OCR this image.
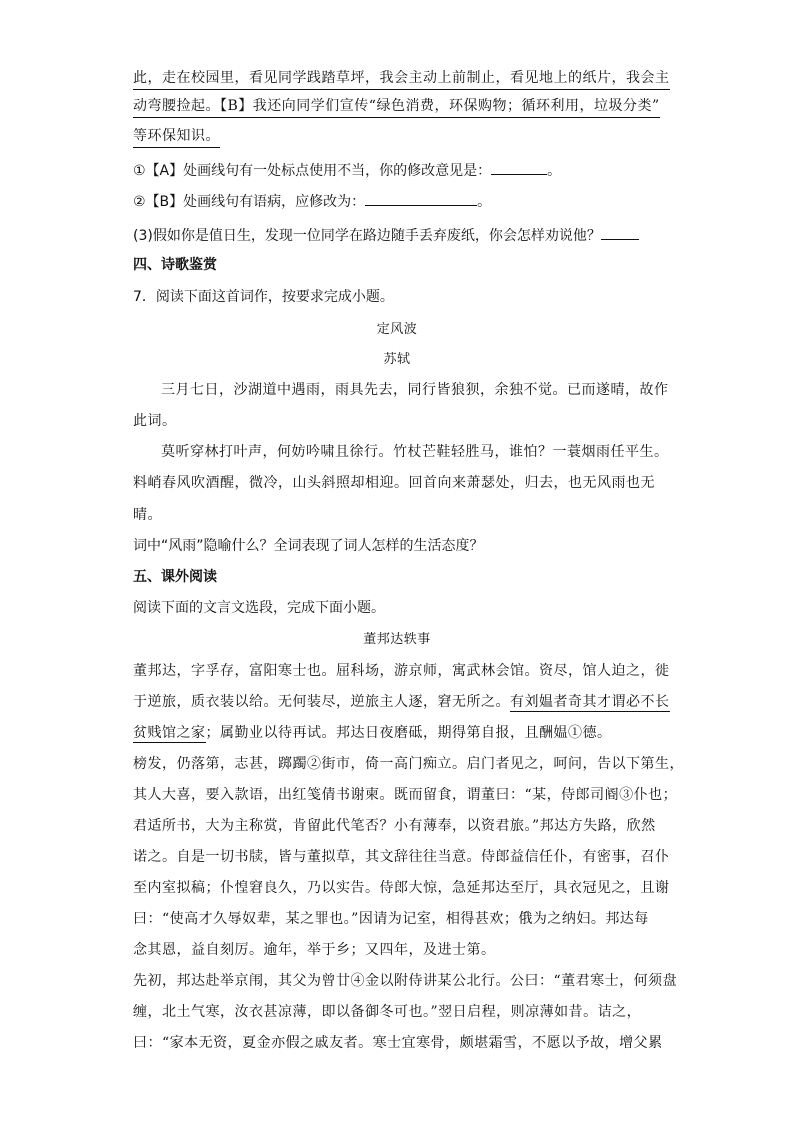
此，走在校园里，看见同学践踏草坪，我会主动上前制止，看见地上的纸片，我会主
动弯腰捡起。【B】我还向同学们宣传“绿色消费，环保购物；循环利用，垃圾分类”
等环保知识。
①【A】处画线句有一处标点使用不当，你的修改意见是：	。
②【B】处画线句有语病，应修改为：	。
(3)假如你是值日生，发现一位同学在路边随手丢弃废纸，你会怎样劝说他？
四、诗歌鉴赏
7．阅读下面这首词作，按要求完成小题。
定风波
苏轼
三月七日，沙湖道中遇雨，雨具先去，同行皆狼狈，余独不觉。已而遂晴，故作
此词。
莫听穿林打叶声，何妨吟啸且徐行。竹杖芒鞋轻胜马，谁怕？一蓑烟雨任平生。
料峭春风吹酒醒，微冷，山头斜照却相迎。回首向来萧瑟处，归去，也无风雨也无
晴。
词中“风雨”隐喻什么？全词表现了词人怎样的生活态度？
五、课外阅读
阅读下面的文言文选段，完成下面小题。
董邦达轶事
董邦达，字孚存，富阳寒士也。屈科场，游京师，寓武林会馆。资尽，馆人迫之，徙
于逆旅，质衣装以给。无何装尽，逆旅主人逐，窘无所之。有刘媪者奇其才谓必不长
贫贱馆之家；属勤业以待再试。邦达日夜磨砥，期得第自报，且酬媪①德。
榜发，仍落第，志甚，踯躅②街市，倚一高门痴立。启门者见之，呵问，告以下第生，
其人大喜，要入款语，出红笺倩书谢柬。既而留食，谓董曰：“某，侍郎司阍③仆也；
君适所书，大为主称赏，肯留此代笔否？小有薄奉，以资君旅。”邦达方失路，欣然
诺之。自是一切书牍，皆与董拟草，其文辞往往当意。侍郎益信任仆，有密事，召仆
至内室拟稿；仆惶窘良久，乃以实告。侍郎大惊，急延邦达至厅，具衣冠见之，且谢
曰：“使高才久辱奴辈，某之罪也。”因请为记室，相得甚欢；俄为之纳妇。邦达每
念其恩，益自刻厉。逾年，举于乡；又四年，及进士第。
先初，邦达赴举京闱，其父为曾廿④金以附侍讲某公北行。公曰：“董君寒士，何须盘
缠，北土气寒，汝衣甚凉薄，即以备御冬可也。”翌日启程，则凉薄如昔。诘之，
曰：“家本无资，夏金亦假之戚友者。寒士宜寒骨，颇堪霜雪，不愿以予故，增父累
